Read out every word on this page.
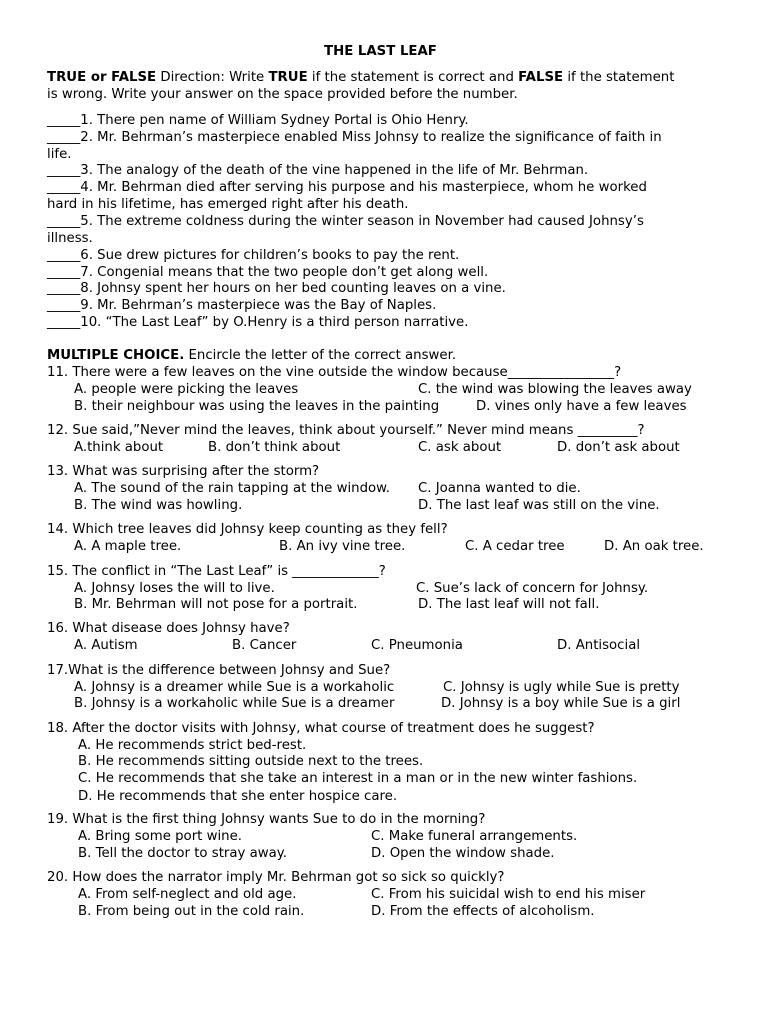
THE LAST LEAF
TRUE or FALSE Direction: Write TRUE if the statement is correct and FALSE if the statement
is wrong. Write your answer on the space provided before the number.
_____1. There pen name of William Sydney Portal is Ohio Henry.
_____2. Mr. Behrman’s masterpiece enabled Miss Johnsy to realize the significance of faith in
life.
_____3. The analogy of the death of the vine happened in the life of Mr. Behrman.
_____4. Mr. Behrman died after serving his purpose and his masterpiece, whom he worked
hard in his lifetime, has emerged right after his death.
_____5. The extreme coldness during the winter season in November had caused Johnsy’s
illness.
_____6. Sue drew pictures for children’s books to pay the rent.
_____7. Congenial means that the two people don’t get along well.
_____8. Johnsy spent her hours on her bed counting leaves on a vine.
_____9. Mr. Behrman’s masterpiece was the Bay of Naples.
_____10. “The Last Leaf” by O.Henry is a third person narrative.
MULTIPLE CHOICE. Encircle the letter of the correct answer.
11. There were a few leaves on the vine outside the window because________________?
A. people were picking the leaves	C. the wind was blowing the leaves away
B. their neighbour was using the leaves in the painting	D. vines only have a few leaves
12. Sue said,”Never mind the leaves, think about yourself.” Never mind means _________?
A.think about	B. don’t think about	C. ask about	D. don’t ask about
13. What was surprising after the storm?
A. The sound of the rain tapping at the window. C. Joanna wanted to die.
B. The wind was howling.	D. The last leaf was still on the vine.
14. Which tree leaves did Johnsy keep counting as they fell?
A. A maple tree.	B. An ivy vine tree.	C. A cedar tree	D. An oak tree.
15. The conflict in “The Last Leaf” is _____________?
A. Johnsy loses the will to live.	C. Sue’s lack of concern for Johnsy.
B. Mr. Behrman will not pose for a portrait.	D. The last leaf will not fall.
16. What disease does Johnsy have?
A. Autism	B. Cancer	C. Pneumonia	D. Antisocial
17.What is the difference between Johnsy and Sue?
A. Johnsy is a dreamer while Sue is a workaholic	C. Johnsy is ugly while Sue is pretty
B. Johnsy is a workaholic while Sue is a dreamer	D. Johnsy is a boy while Sue is a girl
18. After the doctor visits with Johnsy, what course of treatment does he suggest?
A. He recommends strict bed-rest.
B. He recommends sitting outside next to the trees.
C. He recommends that she take an interest in a man or in the new winter fashions.
D. He recommends that she enter hospice care.
19. What is the first thing Johnsy wants Sue to do in the morning?
A. Bring some port wine.	C. Make funeral arrangements.
B. Tell the doctor to stray away.	D. Open the window shade.
20. How does the narrator imply Mr. Behrman got so sick so quickly?
A. From self-neglect and old age.	C. From his suicidal wish to end his miser
B. From being out in the cold rain.	D. From the effects of alcoholism.
